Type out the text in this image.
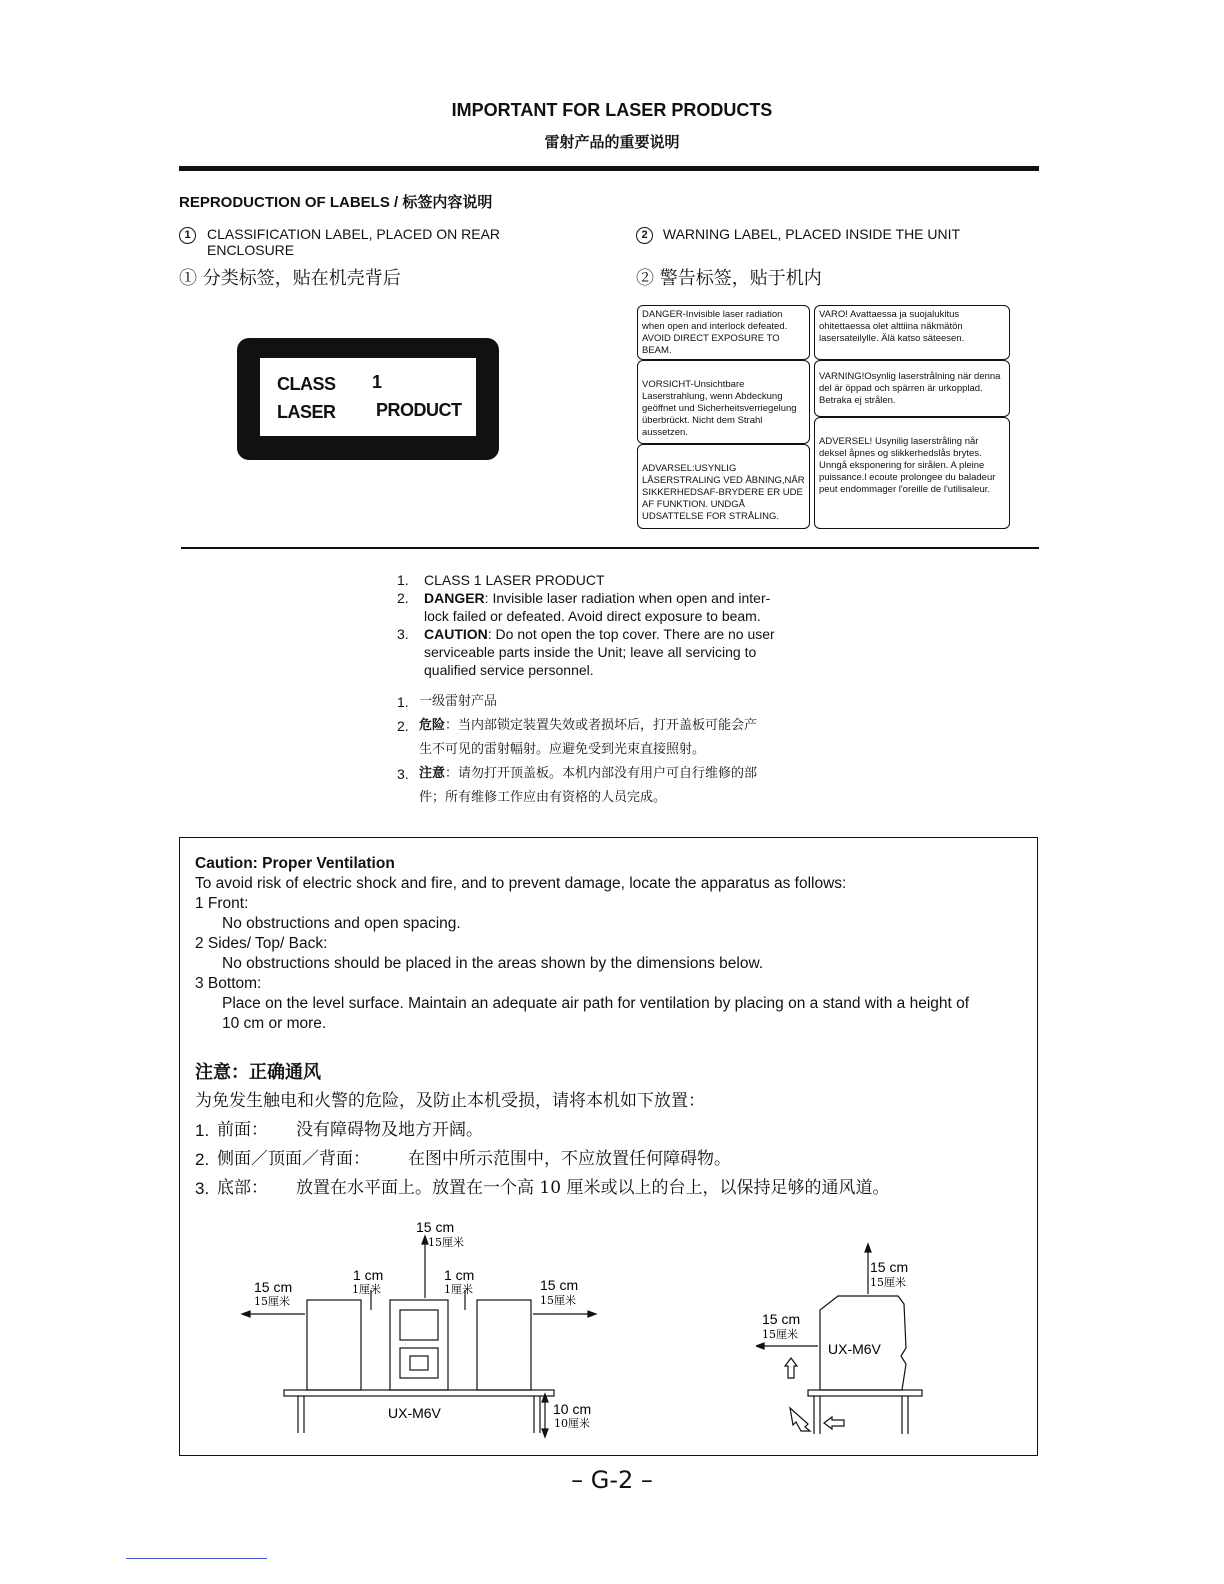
IMPORTANT FOR LASER PRODUCTS
雷射产品的重要说明
REPRODUCTION OF LABELS / 标签内容说明
1 CLASSIFICATION LABEL, PLACED ON REAR ENCLOSURE
2 WARNING LABEL, PLACED INSIDE THE UNIT
① 分类标签，贴在机壳背后	② 警告标签，贴于机内
CLASS 1
LASER PRODUCT
DANGER-Invisible laser radiation when open and interlock defeated. AVOID DIRECT EXPOSURE TO BEAM.
VORSICHT-Unsichtbare Laserstrahlung, wenn Abdeckung geöffnet und Sicherheitsverriegelung überbrückt. Nicht dem Strahl aussetzen.
ADVARSEL:USYNLIG LÅSERSTRALING VED ÅBNING,NÅR SIKKERHEDSAF-BRYDERE ER UDE AF FUNKTION. UNDGÅ UDSATTELSE FOR STRÅLING.
VARO! Avattaessa ja suojalukitus ohitettaessa olet alttiina näkmätön lasersateilylle. Älä katso säteesen.
VARNING!Osynlig laserstrålning när denna del är öppad och spärren är urkopplad. Betraka ej strålen.
ADVERSEL! Usynilig laserstråling når deksel åpnes og slikkerhedslås brytes. Unngå eksponering for sirålen. A pleine puissance.l ecoute prolongee du baladeur peut endommager l'oreille de l'utilisaleur.
1. CLASS 1 LASER PRODUCT
2. DANGER: Invisible laser radiation when open and inter-
lock failed or defeated. Avoid direct exposure to beam.
3. CAUTION: Do not open the top cover. There are no user
serviceable parts inside the Unit; leave all servicing to
qualified service personnel.
1. 一级雷射产品
2. 危险：当内部锁定装置失效或者损坏后，打开盖板可能会产
生不可见的雷射幅射。应避免受到光束直接照射。
3. 注意：请勿打开顶盖板。本机内部没有用户可自行维修的部
件；所有维修工作应由有资格的人员完成。
Caution: Proper Ventilation
To avoid risk of electric shock and fire, and to prevent damage, locate the apparatus as follows:
1 Front:
No obstructions and open spacing.
2 Sides/ Top/ Back:
No obstructions should be placed in the areas shown by the dimensions below.
3 Bottom:
Place on the level surface. Maintain an adequate air path for ventilation by placing on a stand with a height of
10 cm or more.
注意：正确通风
为免发生触电和火警的危险，及防止本机受损，请将本机如下放置：
1. 前面： 没有障碍物及地方开阔。
2. 侧面／顶面／背面： 在图中所示范围中，不应放置任何障碍物。
3. 底部： 放置在水平面上。放置在一个高 10 厘米或以上的台上，以保持足够的通风道。
15 cm
15厘米
15 cm
15厘米
1 cm
1厘米
1 cm
1厘米	15 cm
15厘米
UX-M6V	10 cm
10厘米
15 cm
15厘米
15 cm
15厘米
UX-M6V
– G-2 –
